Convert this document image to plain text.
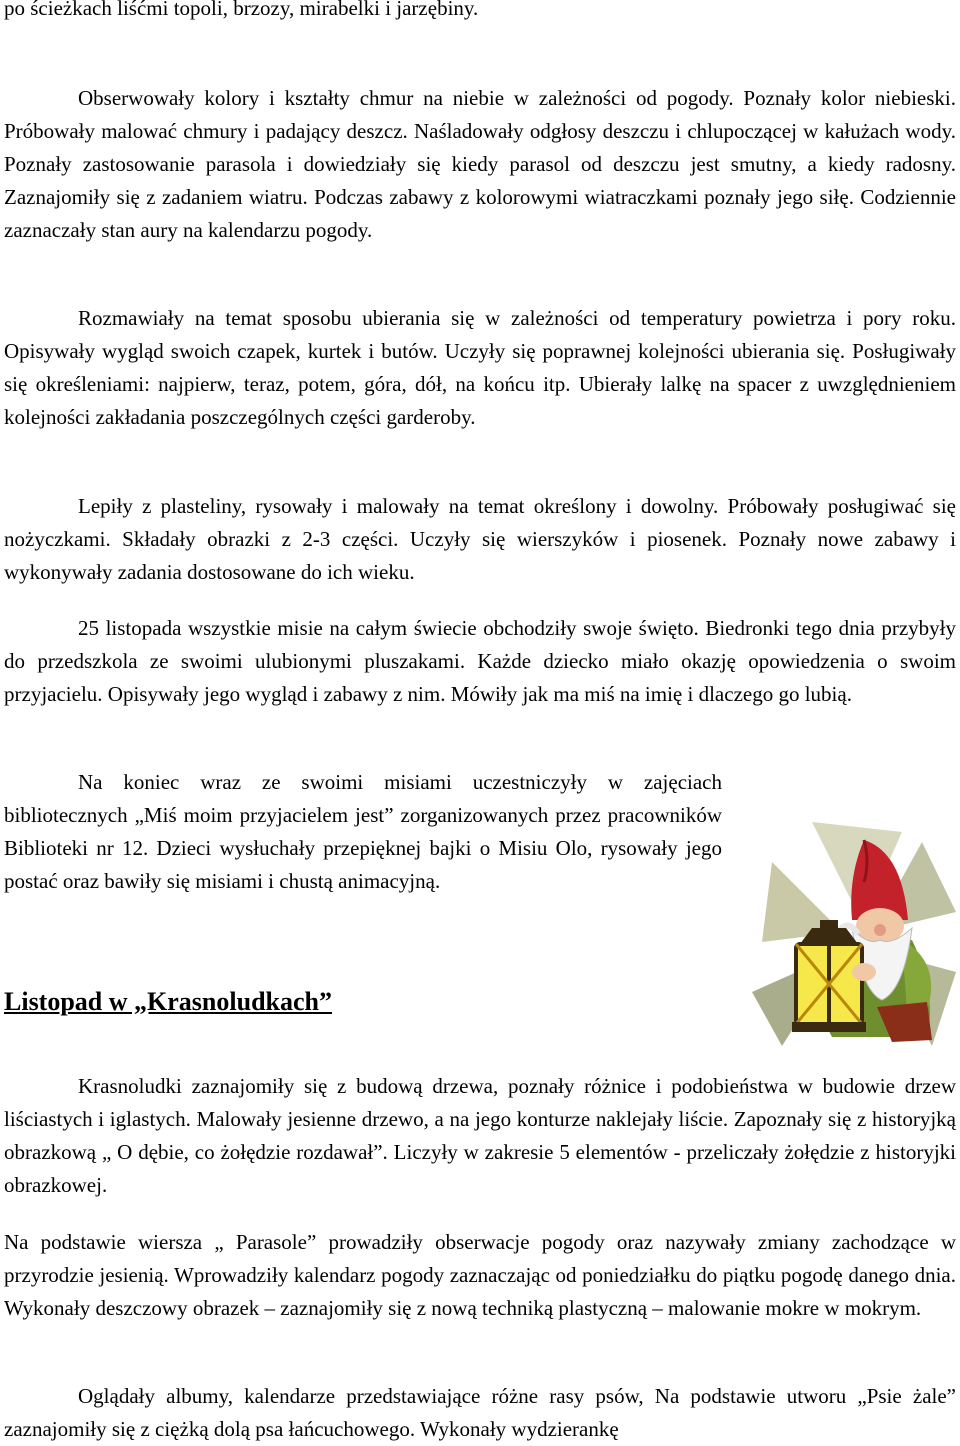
po ścieżkach liśćmi topoli, brzozy, mirabelki i jarzębiny.

Obserwowały kolory i kształty chmur na niebie w zależności od pogody. Poznały kolor niebieski. Próbowały malować chmury i padający deszcz. Naśladowały odgłosy deszczu i chlupoczącej w kałużach wody. Poznały zastosowanie parasola i dowiedziały się kiedy parasol od deszczu jest smutny, a kiedy radosny. Zaznajomiły się z zadaniem wiatru. Podczas zabawy z kolorowymi wiatraczkami poznały jego siłę. Codziennie zaznaczały stan aury na kalendarzu pogody.

Rozmawiały na temat sposobu ubierania się w zależności od temperatury powietrza i pory roku. Opisywały wygląd swoich czapek, kurtek i butów. Uczyły się poprawnej kolejności ubierania się. Posługiwały się określeniami: najpierw, teraz, potem, góra, dół, na końcu itp. Ubierały lalkę na spacer z uwzględnieniem kolejności zakładania poszczególnych części garderoby.

Lepiły z plasteliny, rysowały i malowały na temat określony i dowolny. Próbowały posługiwać się nożyczkami. Składały obrazki z 2-3 części. Uczyły się wierszyków i piosenek. Poznały nowe zabawy i wykonywały zadania dostosowane do ich wieku.

25 listopada wszystkie misie na całym świecie obchodziły swoje święto. Biedronki tego dnia przybyły do przedszkola ze swoimi ulubionymi pluszakami. Każde dziecko miało okazję opowiedzenia o swoim przyjacielu. Opisywały jego wygląd i zabawy z nim. Mówiły jak ma miś na imię i dlaczego go lubią.

Na koniec wraz ze swoimi misiami uczestniczyły w zajęciach bibliotecznych „Miś moim przyjacielem jest” zorganizowanych przez pracowników Biblioteki nr 12. Dzieci wysłuchały przepięknej bajki o Misiu Olo, rysowały jego postać oraz bawiły się misiami i chustą animacyjną.

Listopad w „Krasnoludkach”

Krasnoludki zaznajomiły się z budową drzewa, poznały różnice i podobieństwa w budowie drzew liściastych i iglastych. Malowały jesienne drzewo, a na jego konturze naklejały liście. Zapoznały się z historyjką obrazkową „ O dębie, co żołędzie rozdawał”. Liczyły w zakresie 5 elementów - przeliczały żołędzie z historyjki obrazkowej.

Na podstawie wiersza „ Parasole” prowadziły obserwacje pogody oraz nazywały zmiany zachodzące w przyrodzie jesienią. Wprowadziły kalendarz pogody zaznaczając od poniedziałku do piątku pogodę danego dnia. Wykonały deszczowy obrazek – zaznajomiły się z nową techniką plastyczną – malowanie mokre w mokrym.

Oglądały albumy, kalendarze przedstawiające różne rasy psów, Na podstawie utworu „Psie żale” zaznajomiły się z ciężką dolą psa łańcuchowego. Wykonały wydzierankę
